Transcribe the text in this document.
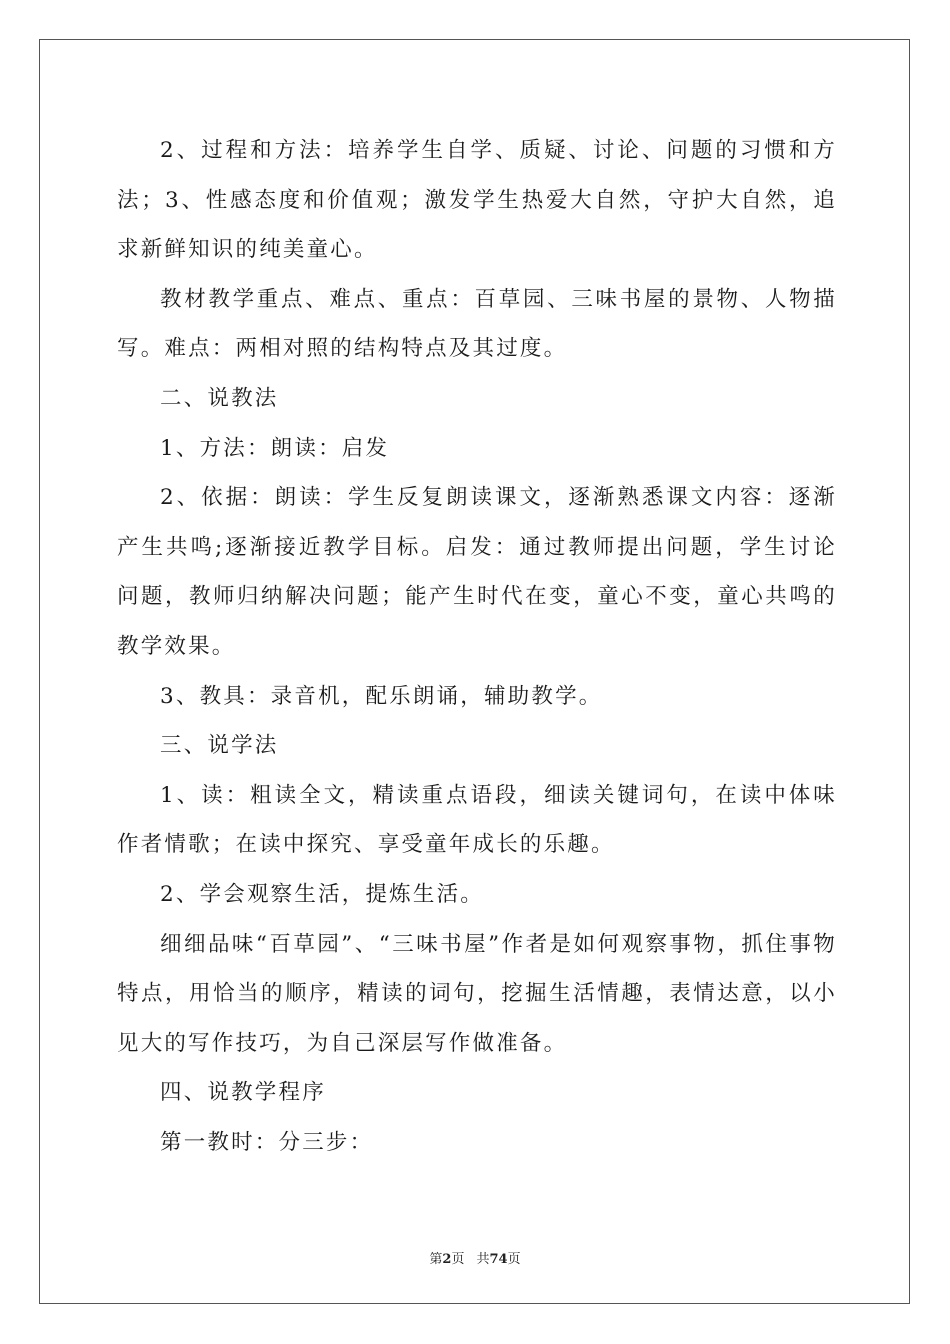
2、过程和方法：培养学生自学、质疑、讨论、问题的习惯和方法；3、性感态度和价值观；激发学生热爱大自然，守护大自然，追求新鲜知识的纯美童心。

教材教学重点、难点、重点：百草园、三味书屋的景物、人物描写。难点：两相对照的结构特点及其过度。

二、说教法

1、方法：朗读：启发

2、依据：朗读：学生反复朗读课文，逐渐熟悉课文内容：逐渐产生共鸣;逐渐接近教学目标。启发：通过教师提出问题，学生讨论问题，教师归纳解决问题；能产生时代在变，童心不变，童心共鸣的教学效果。

3、教具：录音机，配乐朗诵，辅助教学。

三、说学法

1、读：粗读全文，精读重点语段，细读关键词句，在读中体味作者情歌；在读中探究、享受童年成长的乐趣。

2、学会观察生活，提炼生活。

细细品味“百草园”、“三味书屋”作者是如何观察事物，抓住事物特点，用恰当的顺序，精读的词句，挖掘生活情趣，表情达意，以小见大的写作技巧，为自己深层写作做准备。

四、说教学程序

第一教时：分三步：

第2页 共74页
